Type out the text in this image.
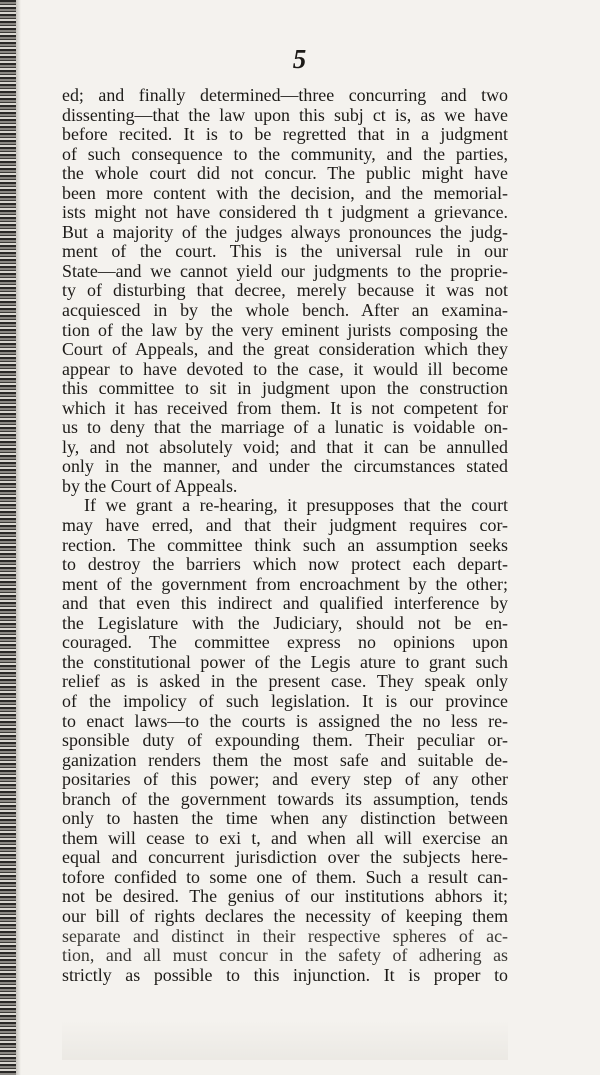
5
ed; and finally determined—three concurring and two
dissenting—that the law upon this subj ct is, as we have
before recited. It is to be regretted that in a judgment
of such consequence to the community, and the parties,
the whole court did not concur. The public might have
been more content with the decision, and the memorial-
ists might not have considered th t judgment a grievance.
But a majority of the judges always pronounces the judg-
ment of the court. This is the universal rule in our
State—and we cannot yield our judgments to the proprie-
ty of disturbing that decree, merely because it was not
acquiesced in by the whole bench. After an examina-
tion of the law by the very eminent jurists composing the
Court of Appeals, and the great consideration which they
appear to have devoted to the case, it would ill become
this committee to sit in judgment upon the construction
which it has received from them. It is not competent for
us to deny that the marriage of a lunatic is voidable on-
ly, and not absolutely void; and that it can be annulled
only in the manner, and under the circumstances stated
by the Court of Appeals.
If we grant a re-hearing, it presupposes that the court
may have erred, and that their judgment requires cor-
rection. The committee think such an assumption seeks
to destroy the barriers which now protect each depart-
ment of the government from encroachment by the other;
and that even this indirect and qualified interference by
the Legislature with the Judiciary, should not be en-
couraged. The committee express no opinions upon
the constitutional power of the Legis ature to grant such
relief as is asked in the present case. They speak only
of the impolicy of such legislation. It is our province
to enact laws—to the courts is assigned the no less re-
sponsible duty of expounding them. Their peculiar or-
ganization renders them the most safe and suitable de-
positaries of this power; and every step of any other
branch of the government towards its assumption, tends
only to hasten the time when any distinction between
them will cease to exi t, and when all will exercise an
equal and concurrent jurisdiction over the subjects here-
tofore confided to some one of them. Such a result can-
not be desired. The genius of our institutions abhors it;
our bill of rights declares the necessity of keeping them
separate and distinct in their respective spheres of ac-
tion, and all must concur in the safety of adhering as
strictly as possible to this injunction. It is proper to
